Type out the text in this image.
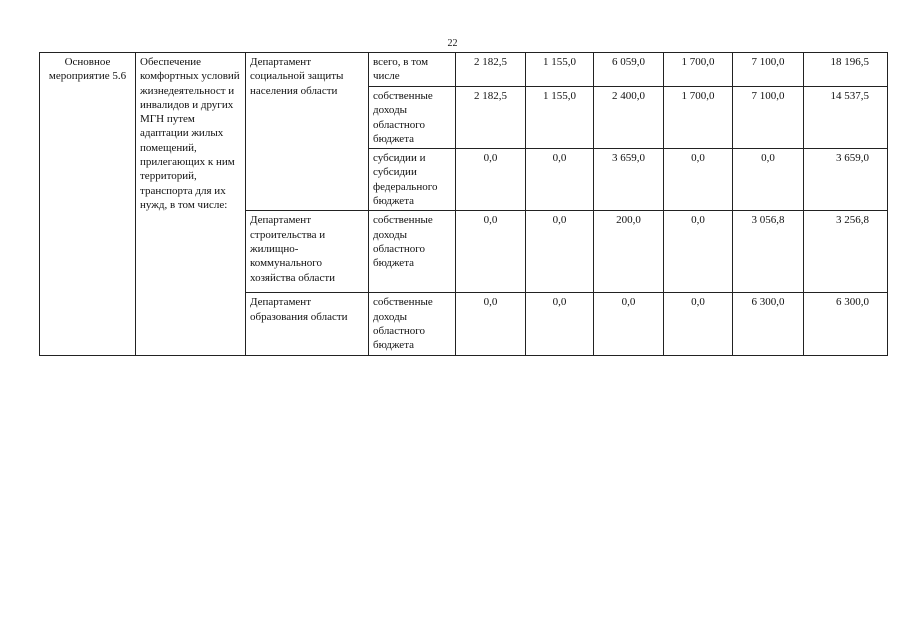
22
Основное мероприятие 5.6	Обеспечение комфортных условий жизнедеятельност и инвалидов и других МГН путем адаптации жилых помещений, прилегающих к ним территорий, транспорта для их нужд, в том числе:	Департамент социальной защиты населения области	всего, в том числе	2 182,5	1 155,0	6 059,0	1 700,0	7 100,0	18 196,5
			собственные доходы областного бюджета	2 182,5	1 155,0	2 400,0	1 700,0	7 100,0	14 537,5
			субсидии и субсидии федерального бюджета	0,0	0,0	3 659,0	0,0	0,0	3 659,0
		Департамент строительства и жилищно-коммунального хозяйства области	собственные доходы областного бюджета	0,0	0,0	200,0	0,0	3 056,8	3 256,8
		Департамент образования области	собственные доходы областного бюджета	0,0	0,0	0,0	0,0	6 300,0	6 300,0
